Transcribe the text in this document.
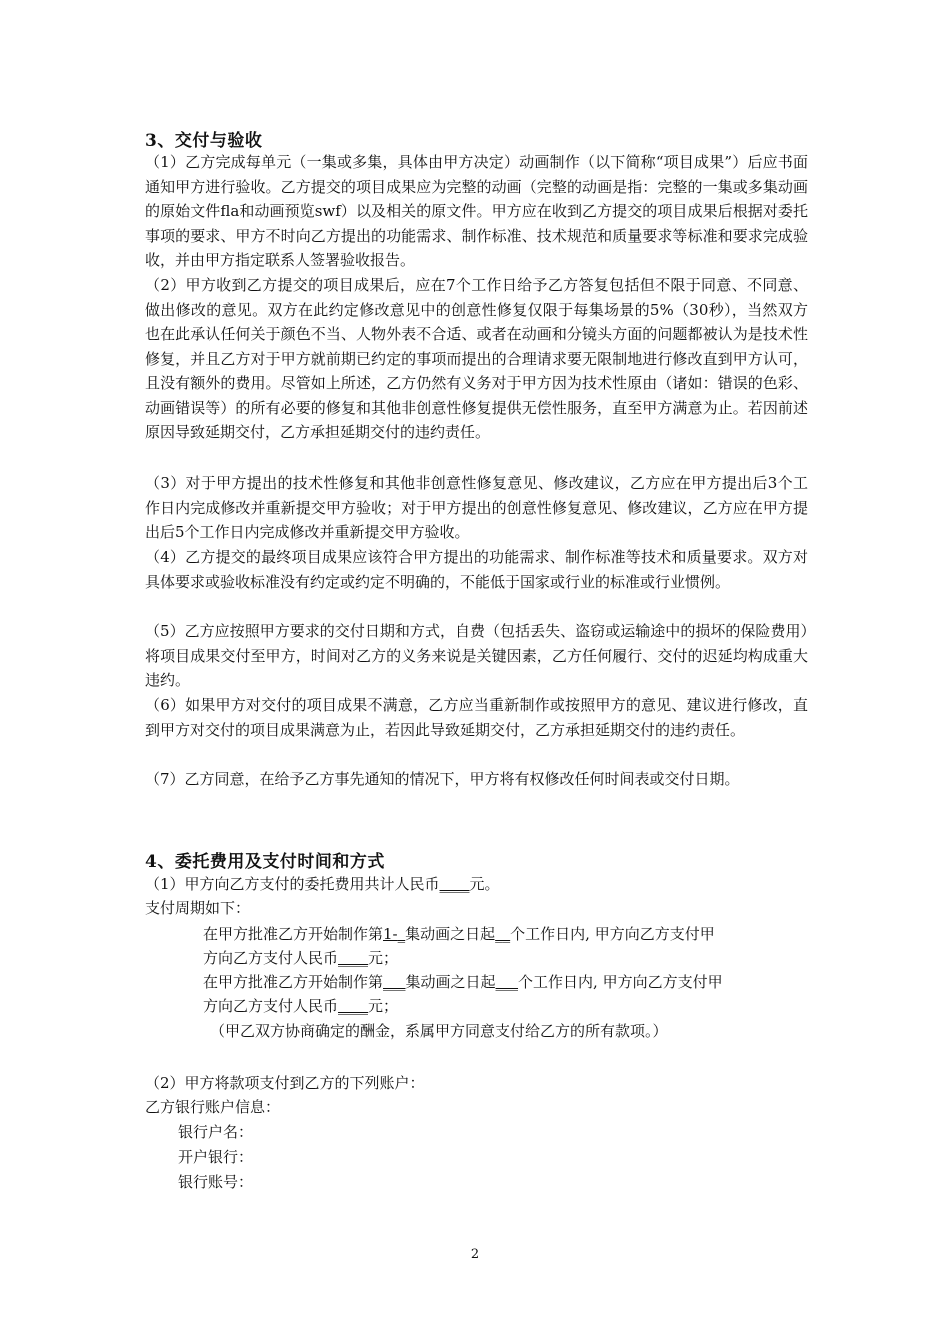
3、交付与验收

（1）乙方完成每单元（一集或多集，具体由甲方决定）动画制作（以下简称“项目成果”）后应书面通知甲方进行验收。乙方提交的项目成果应为完整的动画（完整的动画是指：完整的一集或多集动画的原始文件fla和动画预览swf）以及相关的原文件。甲方应在收到乙方提交的项目成果后根据对委托事项的要求、甲方不时向乙方提出的功能需求、制作标准、技术规范和质量要求等标准和要求完成验收，并由甲方指定联系人签署验收报告。

（2）甲方收到乙方提交的项目成果后，应在7个工作日给予乙方答复包括但不限于同意、不同意、做出修改的意见。双方在此约定修改意见中的创意性修复仅限于每集场景的5%（30秒），当然双方也在此承认任何关于颜色不当、人物外表不合适、或者在动画和分镜头方面的问题都被认为是技术性修复，并且乙方对于甲方就前期已约定的事项而提出的合理请求要无限制地进行修改直到甲方认可，且没有额外的费用。尽管如上所述，乙方仍然有义务对于甲方因为技术性原由（诸如：错误的色彩、动画错误等）的所有必要的修复和其他非创意性修复提供无偿性服务，直至甲方满意为止。若因前述原因导致延期交付，乙方承担延期交付的违约责任。

（3）对于甲方提出的技术性修复和其他非创意性修复意见、修改建议，乙方应在甲方提出后3个工作日内完成修改并重新提交甲方验收；对于甲方提出的创意性修复意见、修改建议，乙方应在甲方提出后5个工作日内完成修改并重新提交甲方验收。

（4）乙方提交的最终项目成果应该符合甲方提出的功能需求、制作标准等技术和质量要求。双方对具体要求或验收标准没有约定或约定不明确的，不能低于国家或行业的标准或行业惯例。

（5）乙方应按照甲方要求的交付日期和方式，自费（包括丢失、盗窃或运输途中的损坏的保险费用）将项目成果交付至甲方，时间对乙方的义务来说是关键因素，乙方任何履行、交付的迟延均构成重大违约。

（6）如果甲方对交付的项目成果不满意，乙方应当重新制作或按照甲方的意见、建议进行修改，直到甲方对交付的项目成果满意为止，若因此导致延期交付，乙方承担延期交付的违约责任。

（7）乙方同意，在给予乙方事先通知的情况下，甲方将有权修改任何时间表或交付日期。

4、委托费用及支付时间和方式
（1）甲方向乙方支付的委托费用共计人民币____元。
支付周期如下：
在甲方批准乙方开始制作第1-_集动画之日起__个工作日内, 甲方向乙方支付甲
方向乙方支付人民币____元；
在甲方批准乙方开始制作第___集动画之日起___个工作日内, 甲方向乙方支付甲
方向乙方支付人民币____元；
（甲乙双方协商确定的酬金，系属甲方同意支付给乙方的所有款项。）
（2）甲方将款项支付到乙方的下列账户：
乙方银行账户信息：
银行户名：
开户银行：
银行账号：
2
